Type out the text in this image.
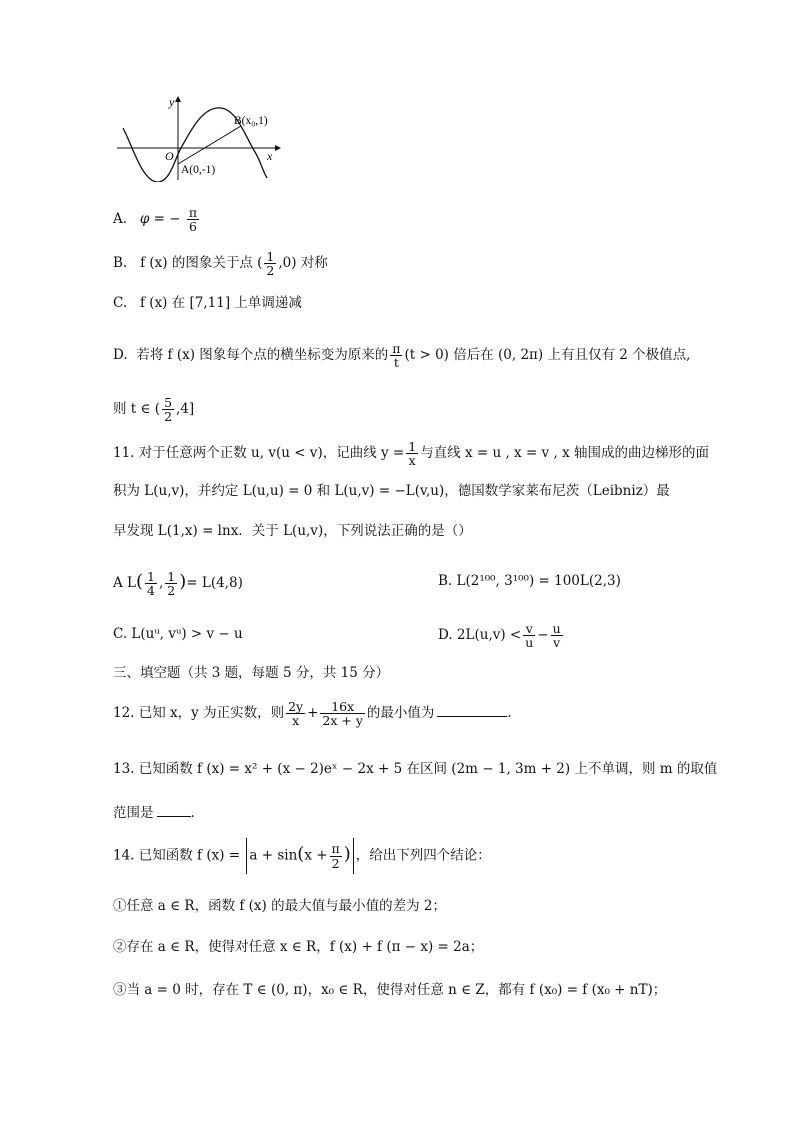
y
x
O
B(x₀,1)
A(0,-1)
A. φ = − $\frac{\pi}{6}$
B. f (x) 的图象关于点 ( $\frac{1}{2} ,0$) 对称
C. f (x) 在 [7,11] 上单调递减
D. 若将 f (x) 图象每个点的横坐标变为原来的 $\frac{\pi}{t} (t > 0)$ 倍后在 (0, 2π) 上有且仅有 2 个极值点,
则 t ∈ ( $\frac{5}{2} ,4$]
11. 对于任意两个正数 u, v(u < v)，记曲线 $y = \frac{1}{x}$ 与直线 x = u , x = v , x 轴围成的曲边梯形的面
积为 L(u,v)，并约定 L(u,u) = 0 和 L(u,v) = −L(v,u)，德国数学家莱布尼茨（Leibniz）最
早发现 L(1,x) = lnx．关于 L(u,v)，下列说法正确的是（）
A $L( \frac{1}{4}$ , $\frac{1}{2}$ )= L(4,8)	B. L(2¹⁰⁰, 3¹⁰⁰) = 100L(2,3)
C. L(uᵘ, vᵘ) > v − u	D. $2L(u,v) < \frac{v}{u} - \frac{u}{v}$
三、填空题（共 3 题，每题 5 分，共 15 分）
12. 已知 x，y 为正实数，则 $\frac{2y}{x} + \frac{16x}{2x + y}$ 的最小值为	.
13. 已知函数 f (x) = x² + (x − 2)eˣ − 2x + 5 在区间 (2m − 1, 3m + 2) 上不单调，则 m 的取值
范围是	.
14. 已知函数 f $(x) = a + \sin(x + \frac{\pi}{2}$ ) ，给出下列四个结论：
①任意 a ∈ R，函数 f (x) 的最大值与最小值的差为 2；
②存在 a ∈ R，使得对任意 x ∈ R，f (x) + f (π − x) = 2a；
③当 a = 0 时，存在 T ∈ (0, π)，x₀ ∈ R，使得对任意 n ∈ Z，都有 f (x₀) = f (x₀ + nT)；
